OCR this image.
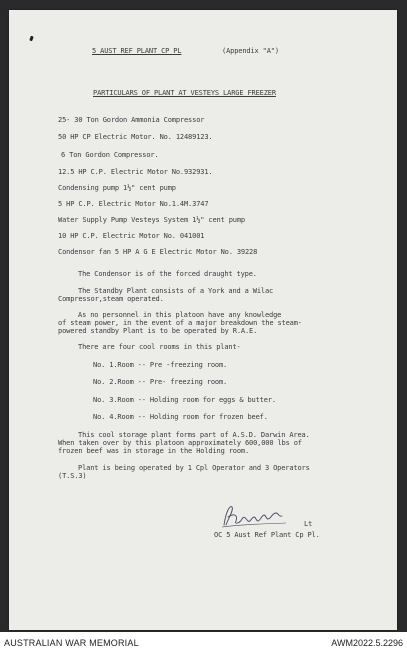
5 AUST REF PLANT CP PL	(Appendix "A")
PARTICULARS OF PLANT AT VESTEYS LARGE FREEZER
25- 30 Ton Gordon Ammonia Compressor
50 HP CP Electric Motor. No. 12489123.
6 Ton Gordon Compressor.
12.5 HP C.P. Electric Motor No.932931.
Condensing pump 1½" cent pump
5 HP C.P. Electric Motor No.1.4M.3747
Water Supply Pump Vesteys System 1½" cent pump
10 HP C.P. Electric Motor No. 041001
Condensor fan 5 HP A G E Electric Motor No. 39228
The Condensor is of the forced draught type.
The Standby Plant consists of a York and a Wilac
Compressor,steam operated.
As no personnel in this platoon have any knowledge
of steam power, in the event of a major breakdown the steam-
powered standby Plant is to be operated by R.A.E.
There are four cool rooms in this plant-
No. 1.Room -- Pre -freezing room.
No. 2.Room -- Pre- freezing room.
No. 3.Room -- Holding room for eggs & butter.
No. 4.Room -- Holding room for frozen beef.
This cool storage plant forms part of A.S.D. Darwin Area.
When taken over by this platoon approximately 600,000 lbs of
frozen beef was in storage in the Holding room.
Plant is being operated by 1 Cpl Operator and 3 Operators
(T.S.3)
Lt
OC 5 Aust Ref Plant Cp Pl.
AUSTRALIAN WAR MEMORIAL	AWM2022.5.2296
